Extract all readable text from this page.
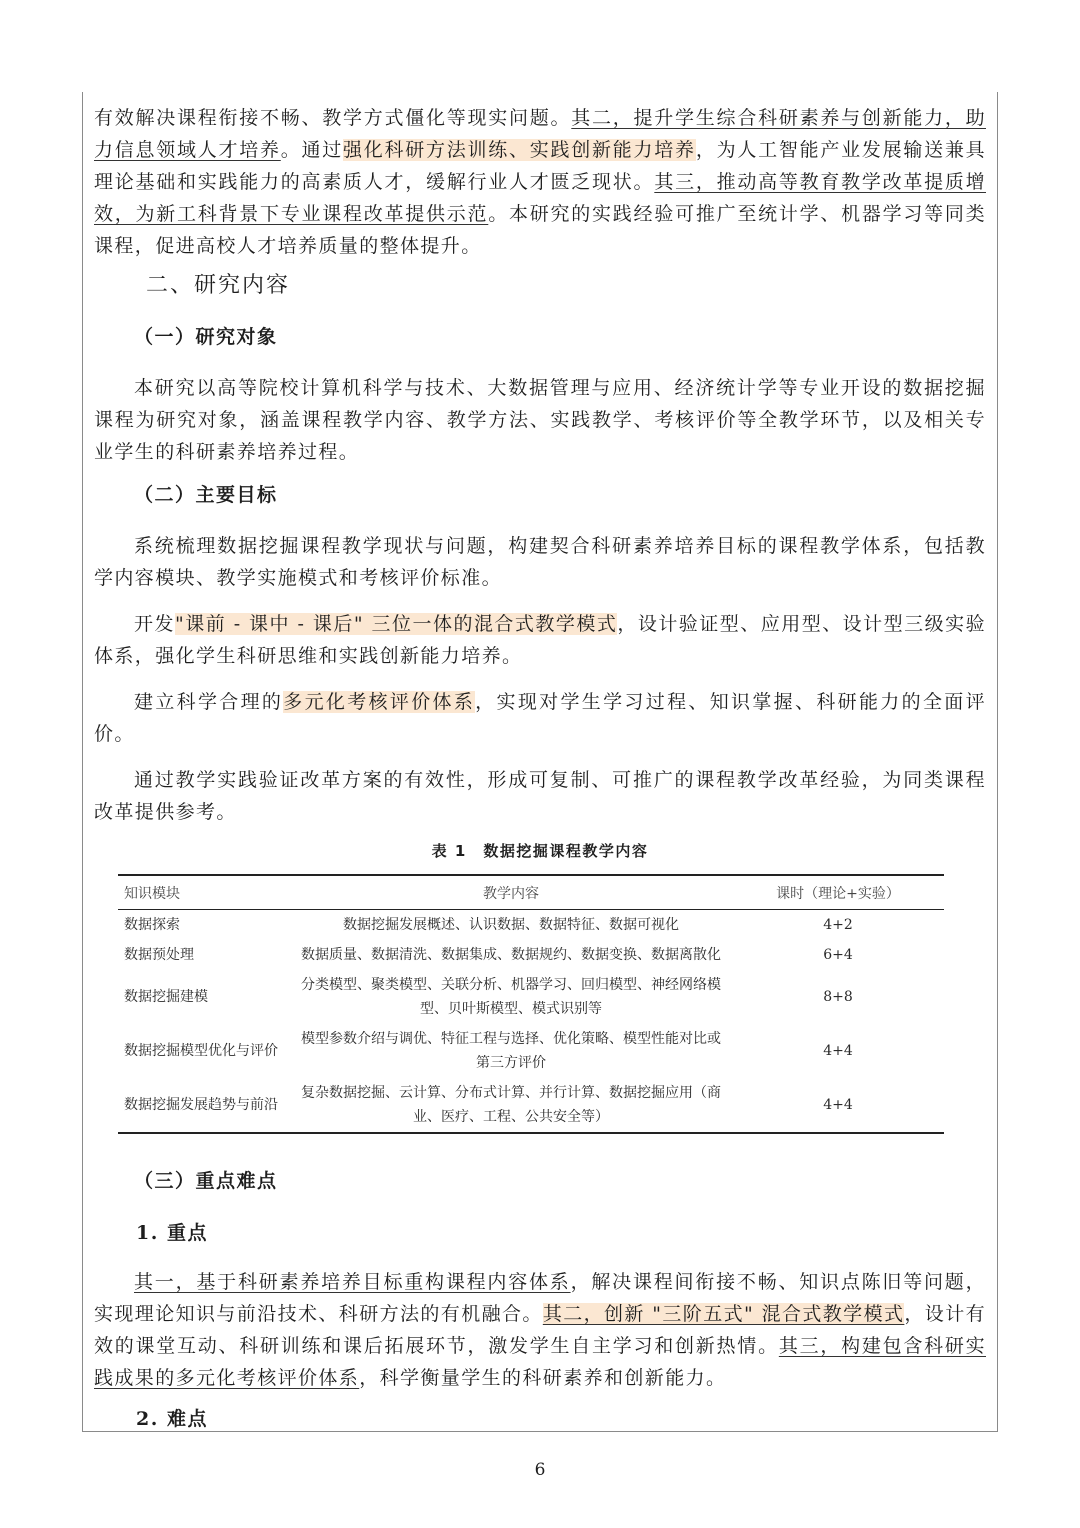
有效解决课程衔接不畅、教学方式僵化等现实问题。其二，提升学生综合科研素养与创新能力，助力信息领域人才培养。通过强化科研方法训练、实践创新能力培养，为人工智能产业发展输送兼具理论基础和实践能力的高素质人才，缓解行业人才匮乏现状。其三，推动高等教育教学改革提质增效，为新工科背景下专业课程改革提供示范。本研究的实践经验可推广至统计学、机器学习等同类课程，促进高校人才培养质量的整体提升。

二、研究内容
（一）研究对象

本研究以高等院校计算机科学与技术、大数据管理与应用、经济统计学等专业开设的数据挖掘课程为研究对象，涵盖课程教学内容、教学方法、实践教学、考核评价等全教学环节，以及相关专业学生的科研素养培养过程。

（二）主要目标

系统梳理数据挖掘课程教学现状与问题，构建契合科研素养培养目标的课程教学体系，包括教学内容模块、教学实施模式和考核评价标准。

开发"课前 - 课中 - 课后" 三位一体的混合式教学模式，设计验证型、应用型、设计型三级实验体系，强化学生科研思维和实践创新能力培养。

建立科学合理的多元化考核评价体系，实现对学生学习过程、知识掌握、科研能力的全面评价。

通过教学实践验证改革方案的有效性，形成可复制、可推广的课程教学改革经验，为同类课程改革提供参考。

表 1　数据挖掘课程教学内容
知识模块	教学内容	课时（理论+实验）
数据探索	数据挖掘发展概述、认识数据、数据特征、数据可视化	4+2
数据预处理	数据质量、数据清洗、数据集成、数据规约、数据变换、数据离散化	6+4
数据挖掘建模	分类模型、聚类模型、关联分析、机器学习、回归模型、神经网络模型、贝叶斯模型、模式识别等	8+8
数据挖掘模型优化与评价	模型参数介绍与调优、特征工程与选择、优化策略、模型性能对比或第三方评价	4+4
数据挖掘发展趋势与前沿	复杂数据挖掘、云计算、分布式计算、并行计算、数据挖掘应用（商业、医疗、工程、公共安全等）	4+4
（三）重点难点
1. 重点

其一，基于科研素养培养目标重构课程内容体系，解决课程间衔接不畅、知识点陈旧等问题，实现理论知识与前沿技术、科研方法的有机融合。其二，创新 "三阶五式" 混合式教学模式，设计有效的课堂互动、科研训练和课后拓展环节，激发学生自主学习和创新热情。其三，构建包含科研实践成果的多元化考核评价体系，科学衡量学生的科研素养和创新能力。

2. 难点
6
